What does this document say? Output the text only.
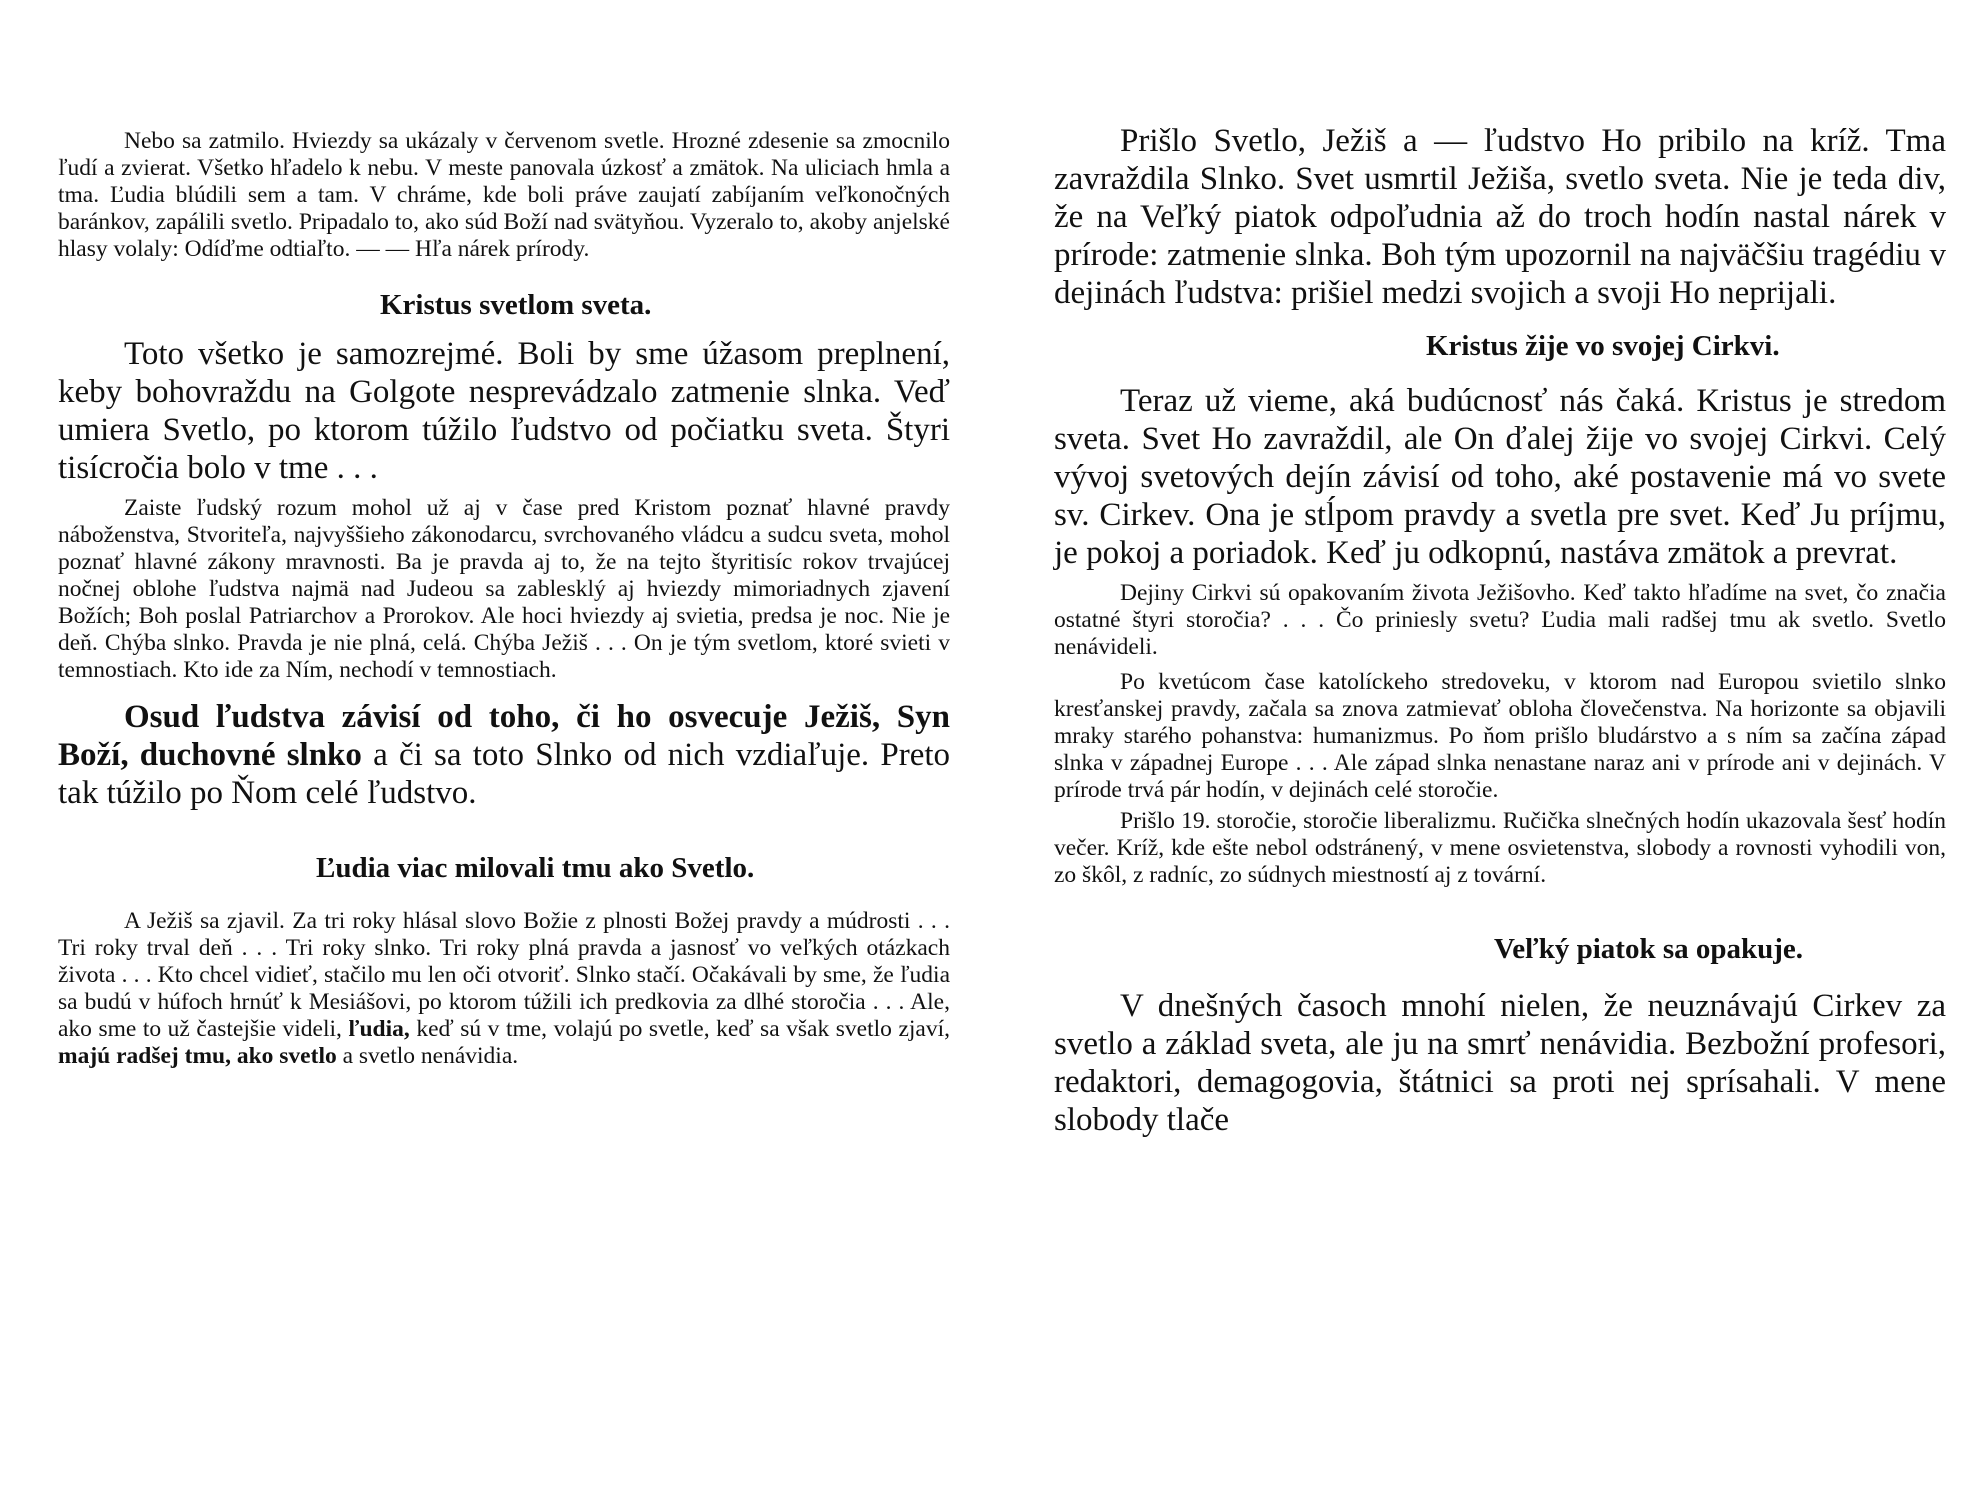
Nebo sa zatmilo. Hviezdy sa ukázaly v červenom svetle. Hrozné zdesenie sa zmocnilo ľudí a zvierat. Všetko hľadelo k nebu. V meste panovala úzkosť a zmätok. Na uliciach hmla a tma. Ľudia blúdili sem a tam. V chráme, kde boli práve zaujatí zabíjaním veľkonočných baránkov, zapálili svetlo. Pripadalo to, ako súd Boží nad svätyňou. Vyzeralo to, akoby anjelské hlasy volaly: Odíďme odtiaľto. — — Hľa nárek prírody.

Kristus svetlom sveta.

Toto všetko je samozrejmé. Boli by sme úžasom preplnení, keby bohovraždu na Golgote nesprevádzalo zatmenie slnka. Veď umiera Svetlo, po ktorom túžilo ľudstvo od počiatku sveta. Štyri tisícročia bolo v tme . . .

Zaiste ľudský rozum mohol už aj v čase pred Kristom poznať hlavné pravdy náboženstva, Stvoriteľa, najvyššieho zákonodarcu, svrchovaného vládcu a sudcu sveta, mohol poznať hlavné zákony mravnosti. Ba je pravda aj to, že na tejto štyritisíc rokov trvajúcej nočnej oblohe ľudstva najmä nad Judeou sa zablesklý aj hviezdy mimoriadnych zjavení Božích; Boh poslal Patriarchov a Prorokov. Ale hoci hviezdy aj svietia, predsa je noc. Nie je deň. Chýba slnko. Pravda je nie plná, celá. Chýba Ježiš . . . On je tým svetlom, ktoré svieti v temnostiach. Kto ide za Ním, nechodí v temnostiach.

Osud ľudstva závisí od toho, či ho osvecuje Ježiš, Syn Boží, duchovné slnko a či sa toto Slnko od nich vzdiaľuje. Preto tak túžilo po Ňom celé ľudstvo.

Ľudia viac milovali tmu ako Svetlo.

A Ježiš sa zjavil. Za tri roky hlásal slovo Božie z plnosti Božej pravdy a múdrosti . . . Tri roky trval deň . . . Tri roky slnko. Tri roky plná pravda a jasnosť vo veľkých otázkach života . . . Kto chcel vidieť, stačilo mu len oči otvoriť. Slnko stačí. Očakávali by sme, že ľudia sa budú v húfoch hrnúť k Mesiášovi, po ktorom túžili ich predkovia za dlhé storočia . . . Ale, ako sme to už častejšie videli, ľudia, keď sú v tme, volajú po svetle, keď sa však svetlo zjaví, majú radšej tmu, ako svetlo a svetlo nenávidia.

Prišlo Svetlo, Ježiš a — ľudstvo Ho pribilo na kríž. Tma zavraždila Slnko. Svet usmrtil Ježiša, svetlo sveta. Nie je teda div, že na Veľký piatok odpoľudnia až do troch hodín nastal nárek v prírode: zatmenie slnka. Boh tým upozornil na najväčšiu tragédiu v dejinách ľudstva: prišiel medzi svojich a svoji Ho neprijali.

Kristus žije vo svojej Cirkvi.

Teraz už vieme, aká budúcnosť nás čaká. Kristus je stredom sveta. Svet Ho zavraždil, ale On ďalej žije vo svojej Cirkvi. Celý vývoj svetových dejín závisí od toho, aké postavenie má vo svete sv. Cirkev. Ona je stĺpom pravdy a svetla pre svet. Keď Ju príjmu, je pokoj a poriadok. Keď ju odkopnú, nastáva zmätok a prevrat.

Dejiny Cirkvi sú opakovaním života Ježišovho. Keď takto hľadíme na svet, čo značia ostatné štyri storočia? . . . Čo priniesly svetu? Ľudia mali radšej tmu ak svetlo. Svetlo nenávideli.

Po kvetúcom čase katolíckeho stredoveku, v ktorom nad Europou svietilo slnko kresťanskej pravdy, začala sa znova zatmievať obloha človečenstva. Na horizonte sa objavili mraky starého pohanstva: humanizmus. Po ňom prišlo bludárstvo a s ním sa začína západ slnka v západnej Europe . . . Ale západ slnka nenastane naraz ani v prírode ani v dejinách. V prírode trvá pár hodín, v dejinách celé storočie.

Prišlo 19. storočie, storočie liberalizmu. Ručička slnečných hodín ukazovala šesť hodín večer. Kríž, kde ešte nebol odstránený, v mene osvietenstva, slobody a rovnosti vyhodili von, zo škôl, z radníc, zo súdnych miestností aj z tovární.

Veľký piatok sa opakuje.

V dnešných časoch mnohí nielen, že neuznávajú Cirkev za svetlo a základ sveta, ale ju na smrť nenávidia. Bezbožní profesori, redaktori, demagogovia, štátnici sa proti nej sprísahali. V mene slobody tlače
